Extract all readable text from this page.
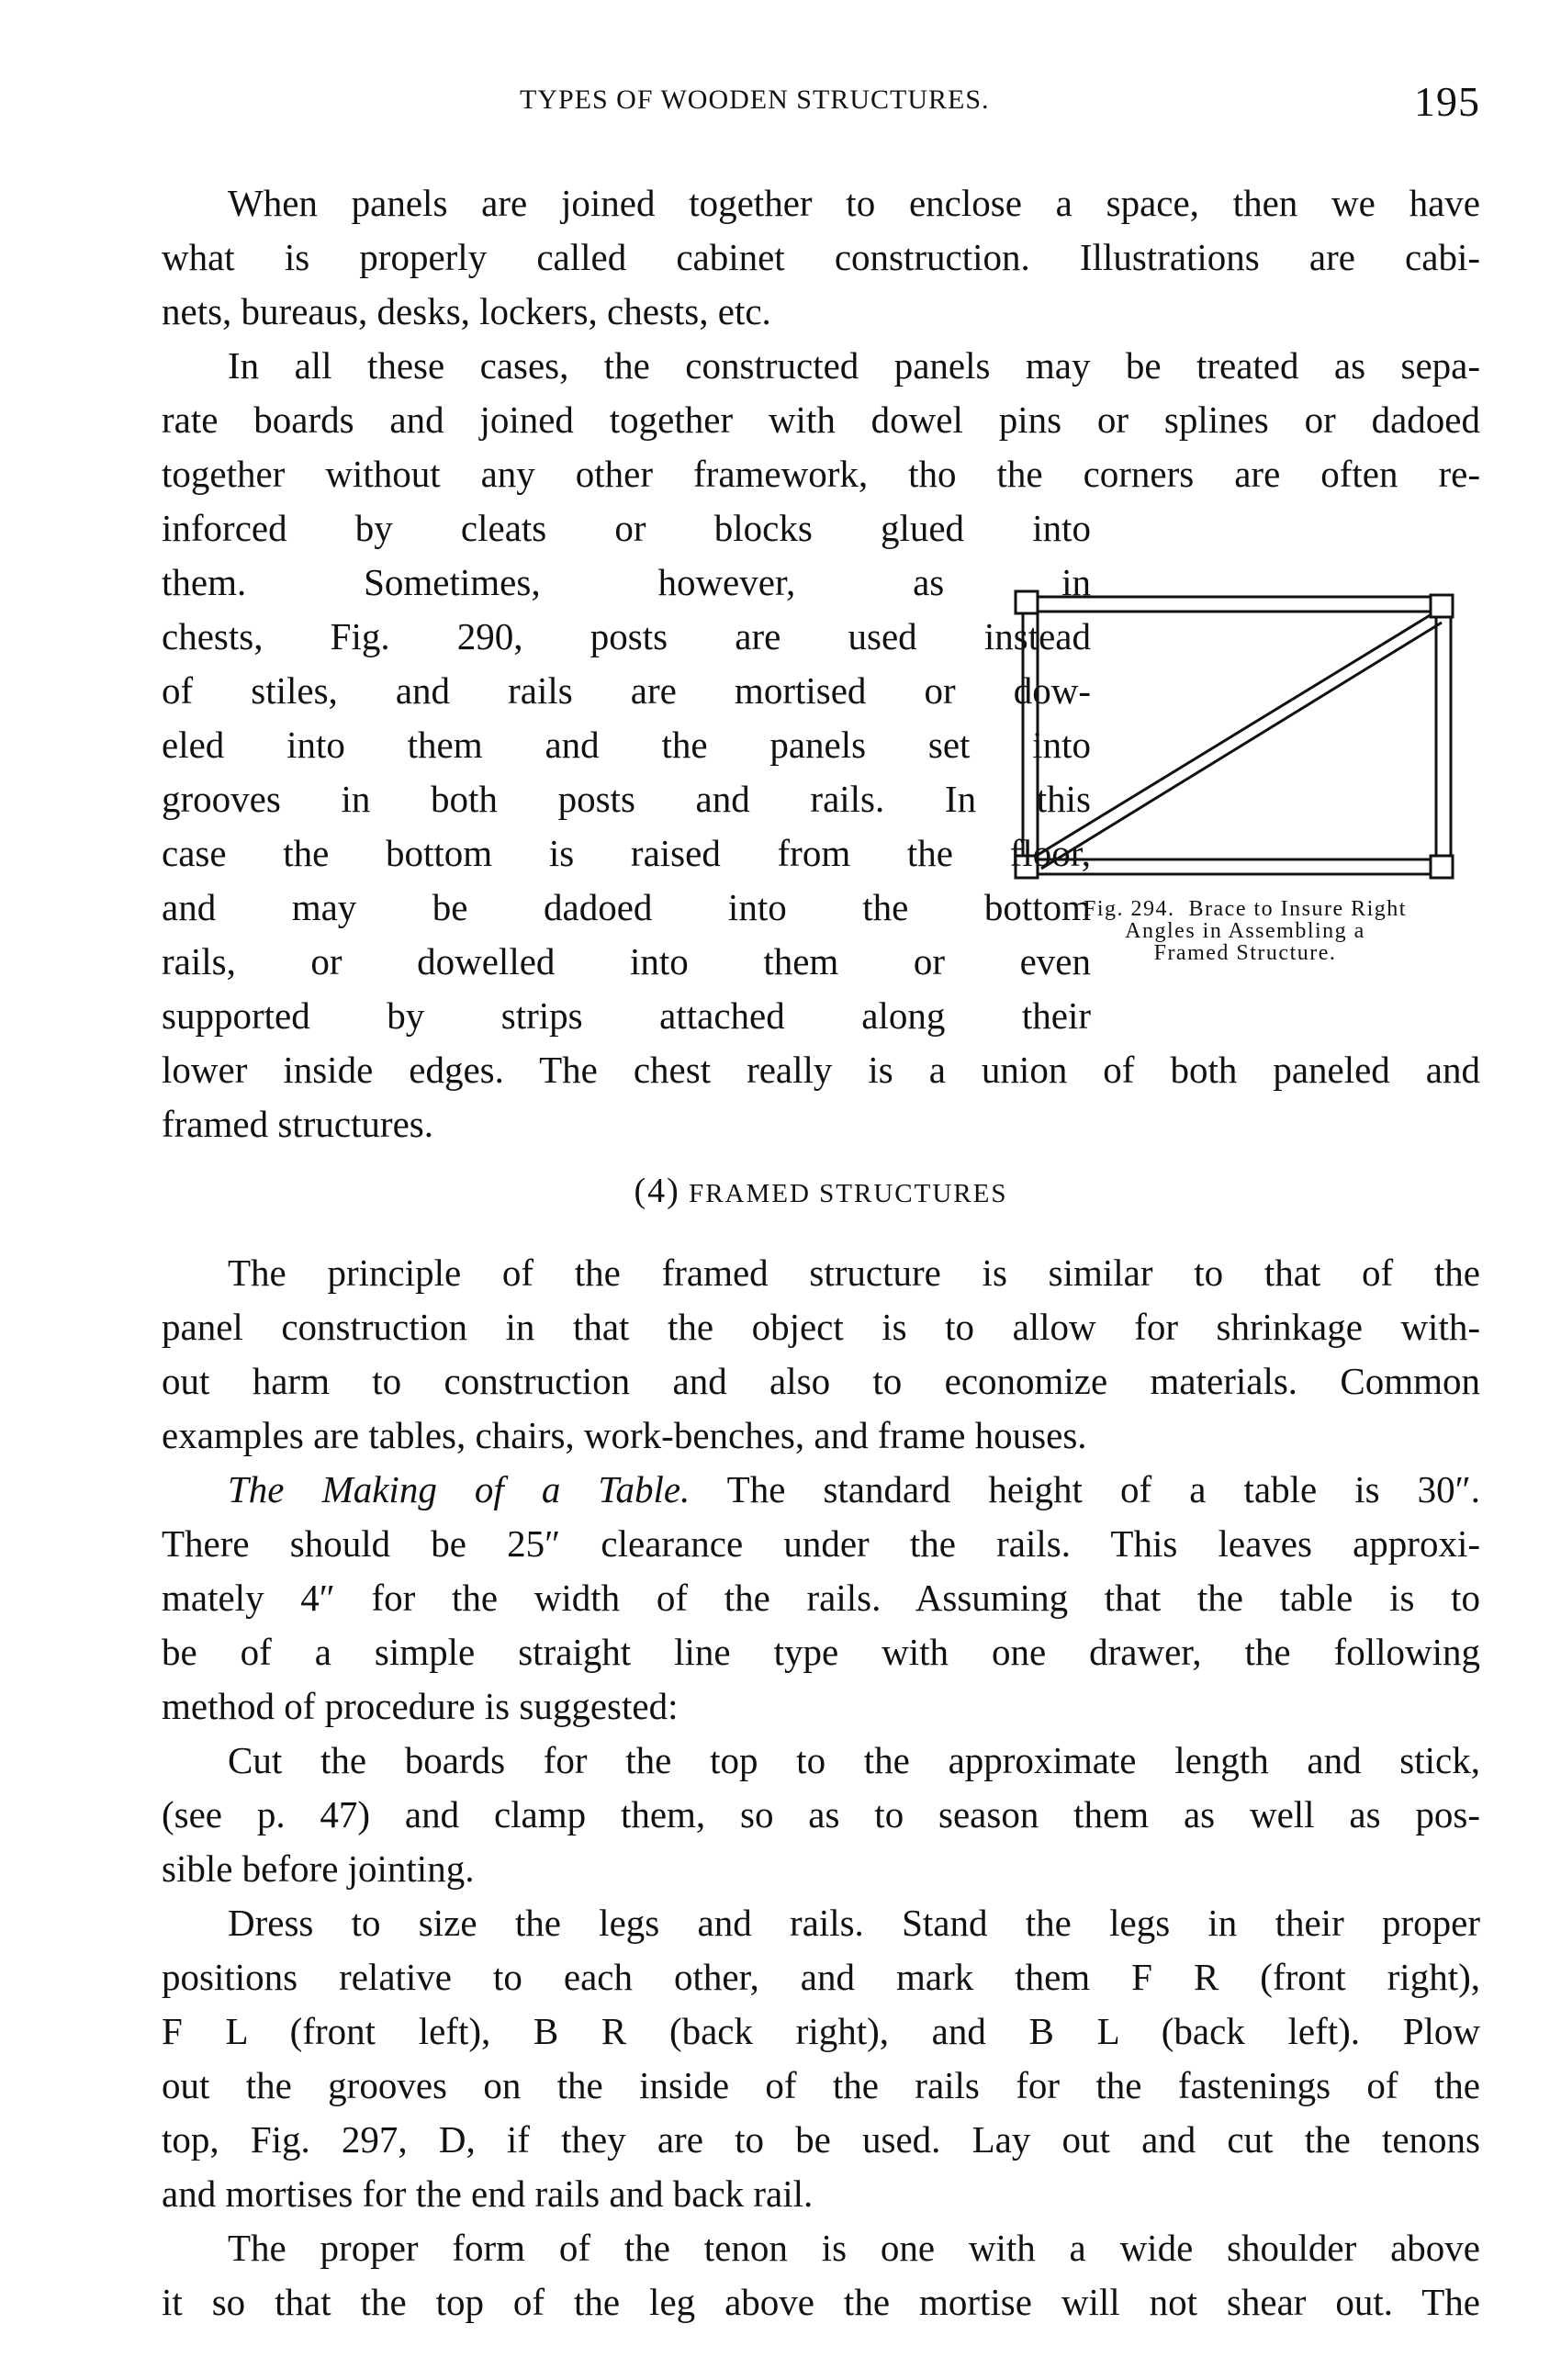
TYPES OF WOODEN STRUCTURES.	195
Fig. 294.  Brace to Insure Right
Angles in Assembling a
Framed Structure.
When panels are joined together to enclose a space, then we have
what is properly called cabinet construction. Illustrations are cabi-
nets, bureaus, desks, lockers, chests, etc.
In all these cases, the constructed panels may be treated as sepa-
rate boards and joined together with dowel pins or splines or dadoed
together without any other framework, tho the corners are often re-
inforced by cleats or blocks glued into
them. Sometimes, however, as in
chests, Fig. 290, posts are used instead
of stiles, and rails are mortised or dow-
eled into them and the panels set into
grooves in both posts and rails. In this
case the bottom is raised from the floor,
and may be dadoed into the bottom
rails, or dowelled into them or even
supported by strips attached along their
lower inside edges. The chest really is a union of both paneled and
framed structures.
(4) FRAMED STRUCTURES
The principle of the framed structure is similar to that of the
panel construction in that the object is to allow for shrinkage with-
out harm to construction and also to economize materials. Common
examples are tables, chairs, work-benches, and frame houses.
The Making of a Table. The standard height of a table is 30″.
There should be 25″ clearance under the rails. This leaves approxi-
mately 4″ for the width of the rails. Assuming that the table is to
be of a simple straight line type with one drawer, the following
method of procedure is suggested:
Cut the boards for the top to the approximate length and stick,
(see p. 47) and clamp them, so as to season them as well as pos-
sible before jointing.
Dress to size the legs and rails. Stand the legs in their proper
positions relative to each other, and mark them F R (front right),
F L (front left), B R (back right), and B L (back left). Plow
out the grooves on the inside of the rails for the fastenings of the
top, Fig. 297, D, if they are to be used. Lay out and cut the tenons
and mortises for the end rails and back rail.
The proper form of the tenon is one with a wide shoulder above
it so that the top of the leg above the mortise will not shear out. The
